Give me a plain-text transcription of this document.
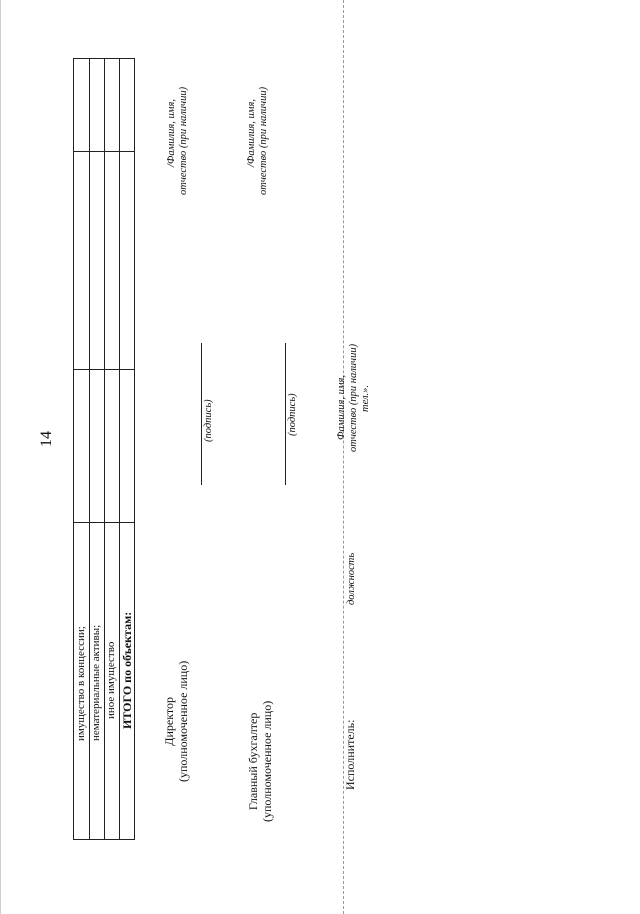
14
имущество в концессии; нематериальные активы; иное имущество ИТОГО по объектам: Директор (уполномоченное лицо)
(подпись)
/Фамилия, имя, отчество (при наличии)
Главный бухгалтер (уполномоченное лицо)
(подпись)
/Фамилия, имя, отчество (при наличии)
Исполнитель:
должность
Фамилия, имя, отчество (при наличии) тел.».
